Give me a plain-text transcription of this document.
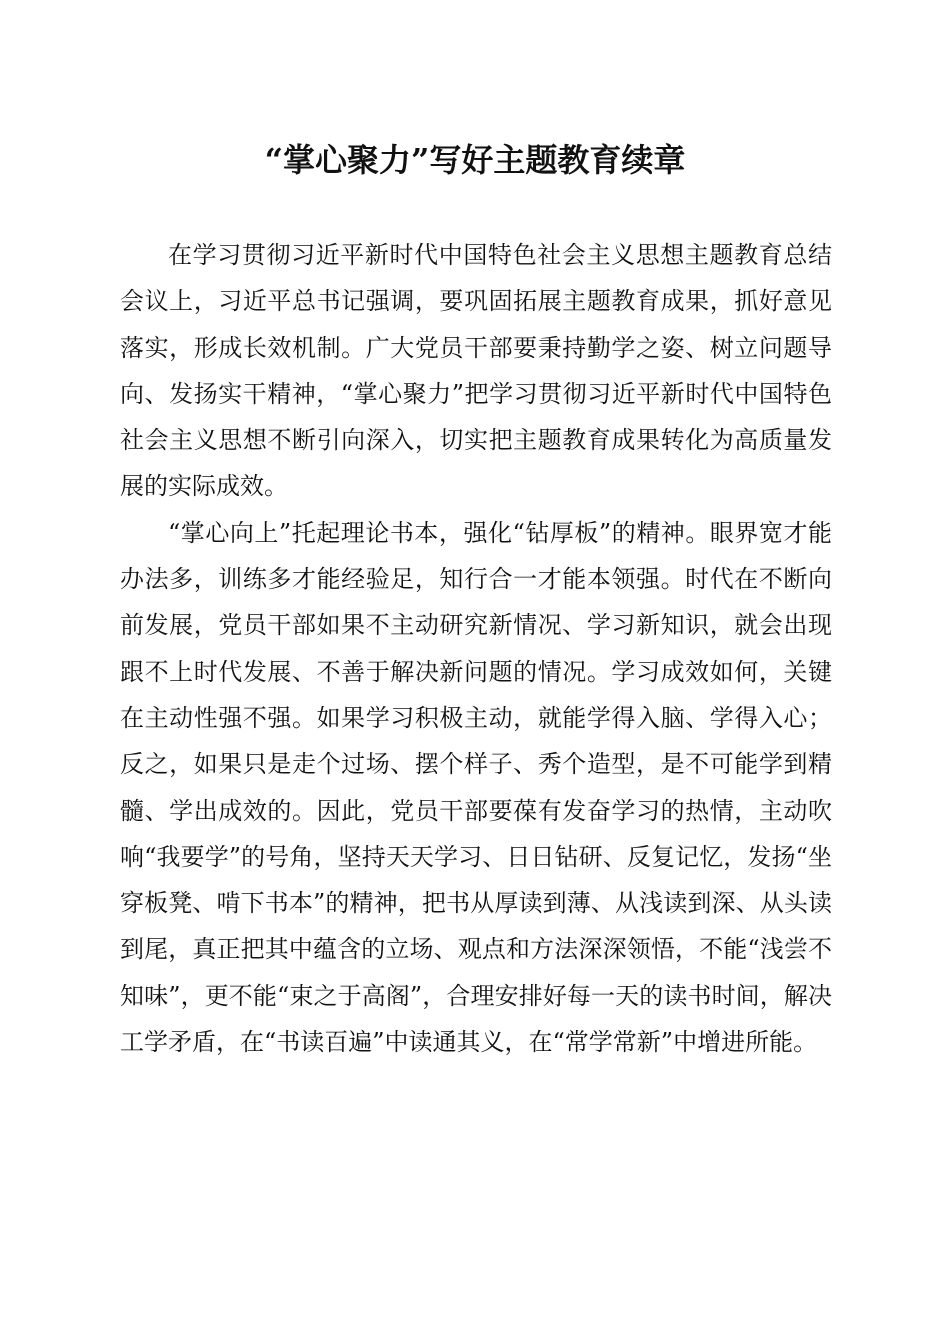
“掌心聚力”写好主题教育续章

在学习贯彻习近平新时代中国特色社会主义思想主题教育总结会议上，习近平总书记强调，要巩固拓展主题教育成果，抓好意见落实，形成长效机制。广大党员干部要秉持勤学之姿、树立问题导向、发扬实干精神，“掌心聚力”把学习贯彻习近平新时代中国特色社会主义思想不断引向深入，切实把主题教育成果转化为高质量发展的实际成效。

“掌心向上”托起理论书本，强化“钻厚板”的精神。眼界宽才能办法多，训练多才能经验足，知行合一才能本领强。时代在不断向前发展，党员干部如果不主动研究新情况、学习新知识，就会出现跟不上时代发展、不善于解决新问题的情况。学习成效如何，关键在主动性强不强。如果学习积极主动，就能学得入脑、学得入心；反之，如果只是走个过场、摆个样子、秀个造型，是不可能学到精髓、学出成效的。因此，党员干部要葆有发奋学习的热情，主动吹响“我要学”的号角，坚持天天学习、日日钻研、反复记忆，发扬“坐穿板凳、啃下书本”的精神，把书从厚读到薄、从浅读到深、从头读到尾，真正把其中蕴含的立场、观点和方法深深领悟，不能“浅尝不知味”，更不能“束之于高阁”，合理安排好每一天的读书时间，解决工学矛盾，在“书读百遍”中读通其义，在“常学常新”中增进所能。
